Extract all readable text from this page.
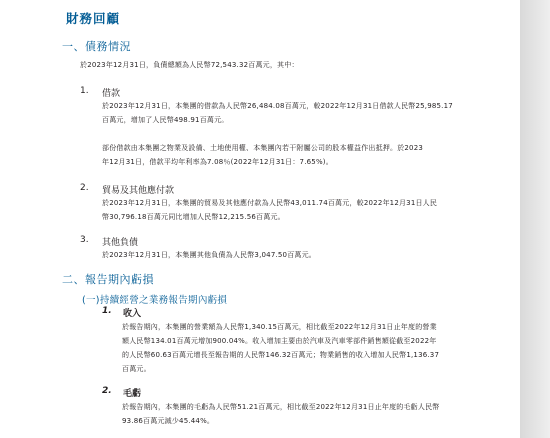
財務回顧
一、債務情況
於2023年12月31日，負債總額為人民幣72,543.32百萬元，其中：
1. 借款
於2023年12月31日，本集團的借款為人民幣26,484.08百萬元，較2022年12月31日借款人民幣25,985.17
百萬元，增加了人民幣498.91百萬元。
部份借款由本集團之物業及設備、土地使用權、本集團內若干附屬公司的股本權益作出抵押。於2023
年12月31日，借款平均年利率為7.08％(2022年12月31日：7.65%)。
2. 貿易及其他應付款
於2023年12月31日，本集團的貿易及其他應付款為人民幣43,011.74百萬元，較2022年12月31日人民
幣30,796.18百萬元同比增加人民幣12,215.56百萬元。
3. 其他負債
於2023年12月31日，本集團其他負債為人民幣3,047.50百萬元。
二、報告期內虧損
(一)持續經營之業務報告期內虧損
1. 收入
於報告期內，本集團的營業額為人民幣1,340.15百萬元，相比截至2022年12月31日止年度的營業
額人民幣134.01百萬元增加900.04%。收入增加主要由於汽車及汽車零部件銷售額從截至2022年
的人民幣60.63百萬元增長至報告期的人民幣146.32百萬元；物業銷售的收入增加人民幣1,136.37
百萬元。
2. 毛虧
於報告期內，本集團的毛虧為人民幣51.21百萬元，相比截至2022年12月31日止年度的毛虧人民幣
93.86百萬元減少45.44%。
